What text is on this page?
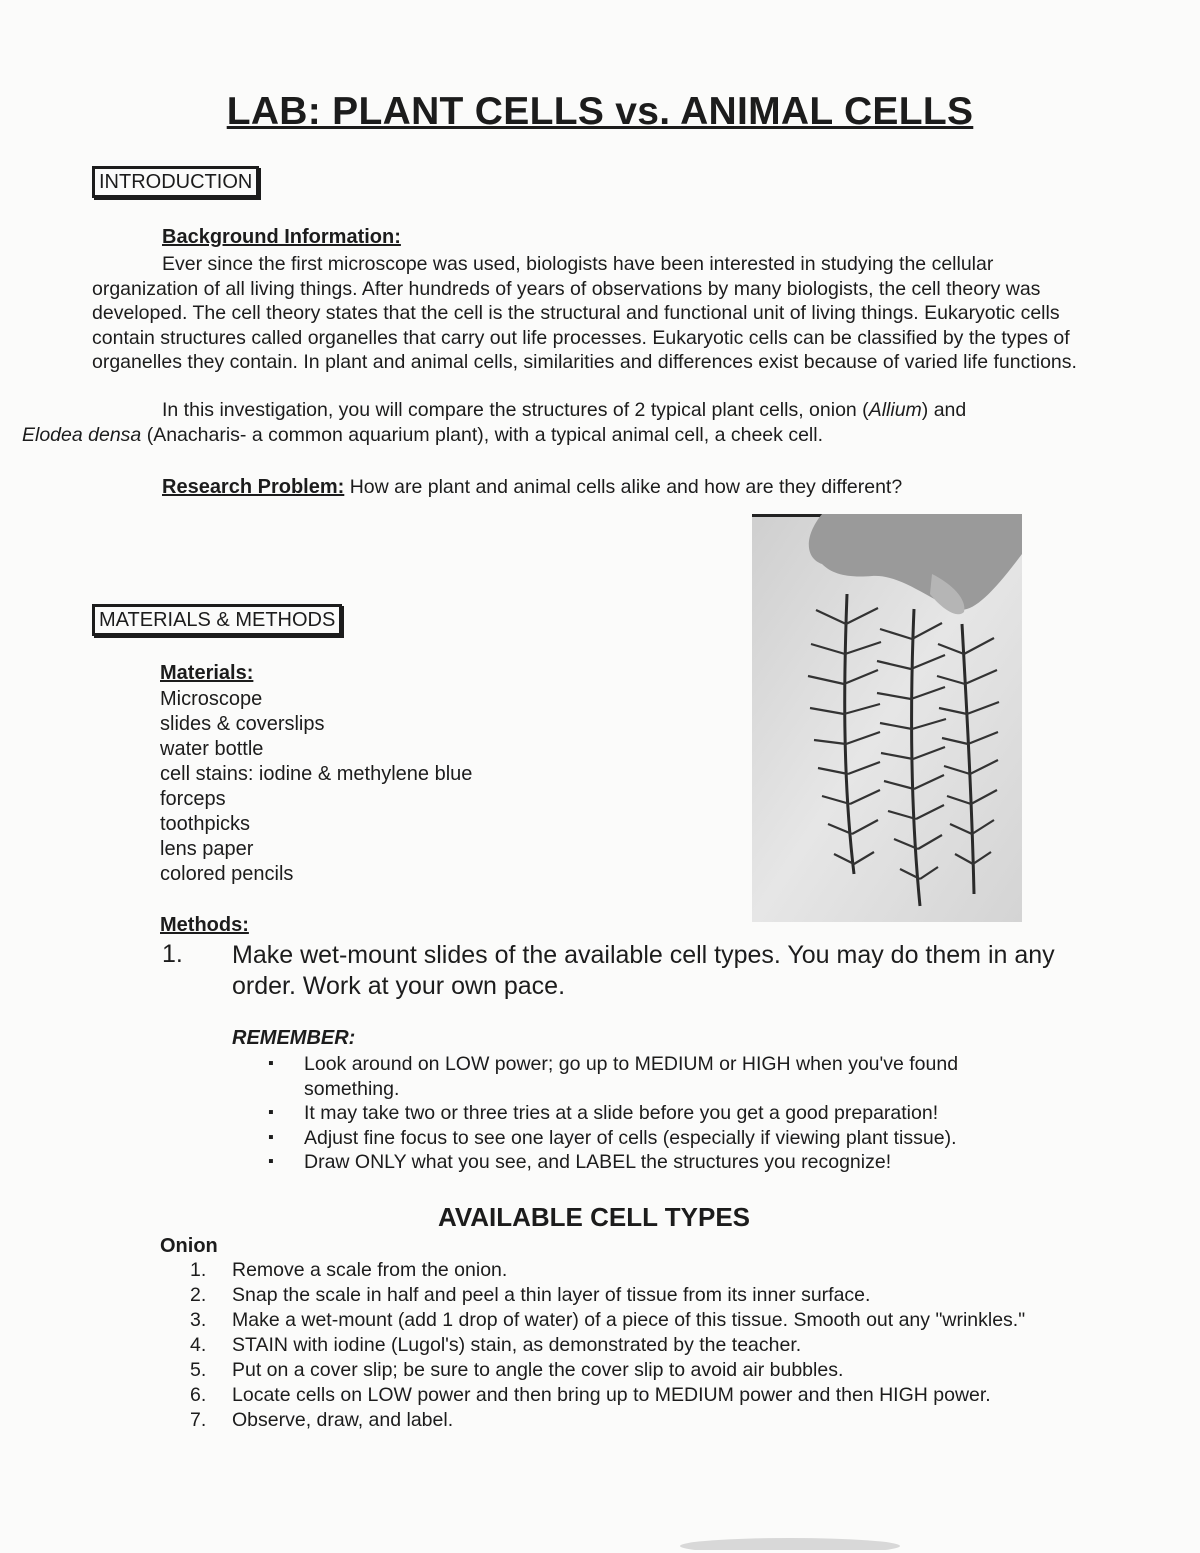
LAB: PLANT CELLS vs. ANIMAL CELLS
INTRODUCTION
Background Information:
Ever since the first microscope was used, biologists have been interested in studying the cellular organization of all living things. After hundreds of years of observations by many biologists, the cell theory was developed. The cell theory states that the cell is the structural and functional unit of living things. Eukaryotic cells contain structures called organelles that carry out life processes. Eukaryotic cells can be classified by the types of organelles they contain. In plant and animal cells, similarities and differences exist because of varied life functions.
In this investigation, you will compare the structures of 2 typical plant cells, onion (Allium) and
Elodea densa (Anacharis- a common aquarium plant), with a typical animal cell, a cheek cell.
Research Problem: How are plant and animal cells alike and how are they different?
MATERIALS & METHODS
Materials:
Microscope
slides & coverslips
water bottle
cell stains: iodine & methylene blue
forceps
toothpicks
lens paper
colored pencils
Methods:
1. Make wet-mount slides of the available cell types. You may do them in any order. Work at your own pace.
REMEMBER:
▪ Look around on LOW power; go up to MEDIUM or HIGH when you've found something.
▪ It may take two or three tries at a slide before you get a good preparation!
▪ Adjust fine focus to see one layer of cells (especially if viewing plant tissue).
▪ Draw ONLY what you see, and LABEL the structures you recognize!
AVAILABLE CELL TYPES
Onion
1.	Remove a scale from the onion.
2.	Snap the scale in half and peel a thin layer of tissue from its inner surface.
3.	Make a wet-mount (add 1 drop of water) of a piece of this tissue. Smooth out any "wrinkles."
4.	STAIN with iodine (Lugol's) stain, as demonstrated by the teacher.
5.	Put on a cover slip; be sure to angle the cover slip to avoid air bubbles.
6.	Locate cells on LOW power and then bring up to MEDIUM power and then HIGH power.
7.	Observe, draw, and label.
